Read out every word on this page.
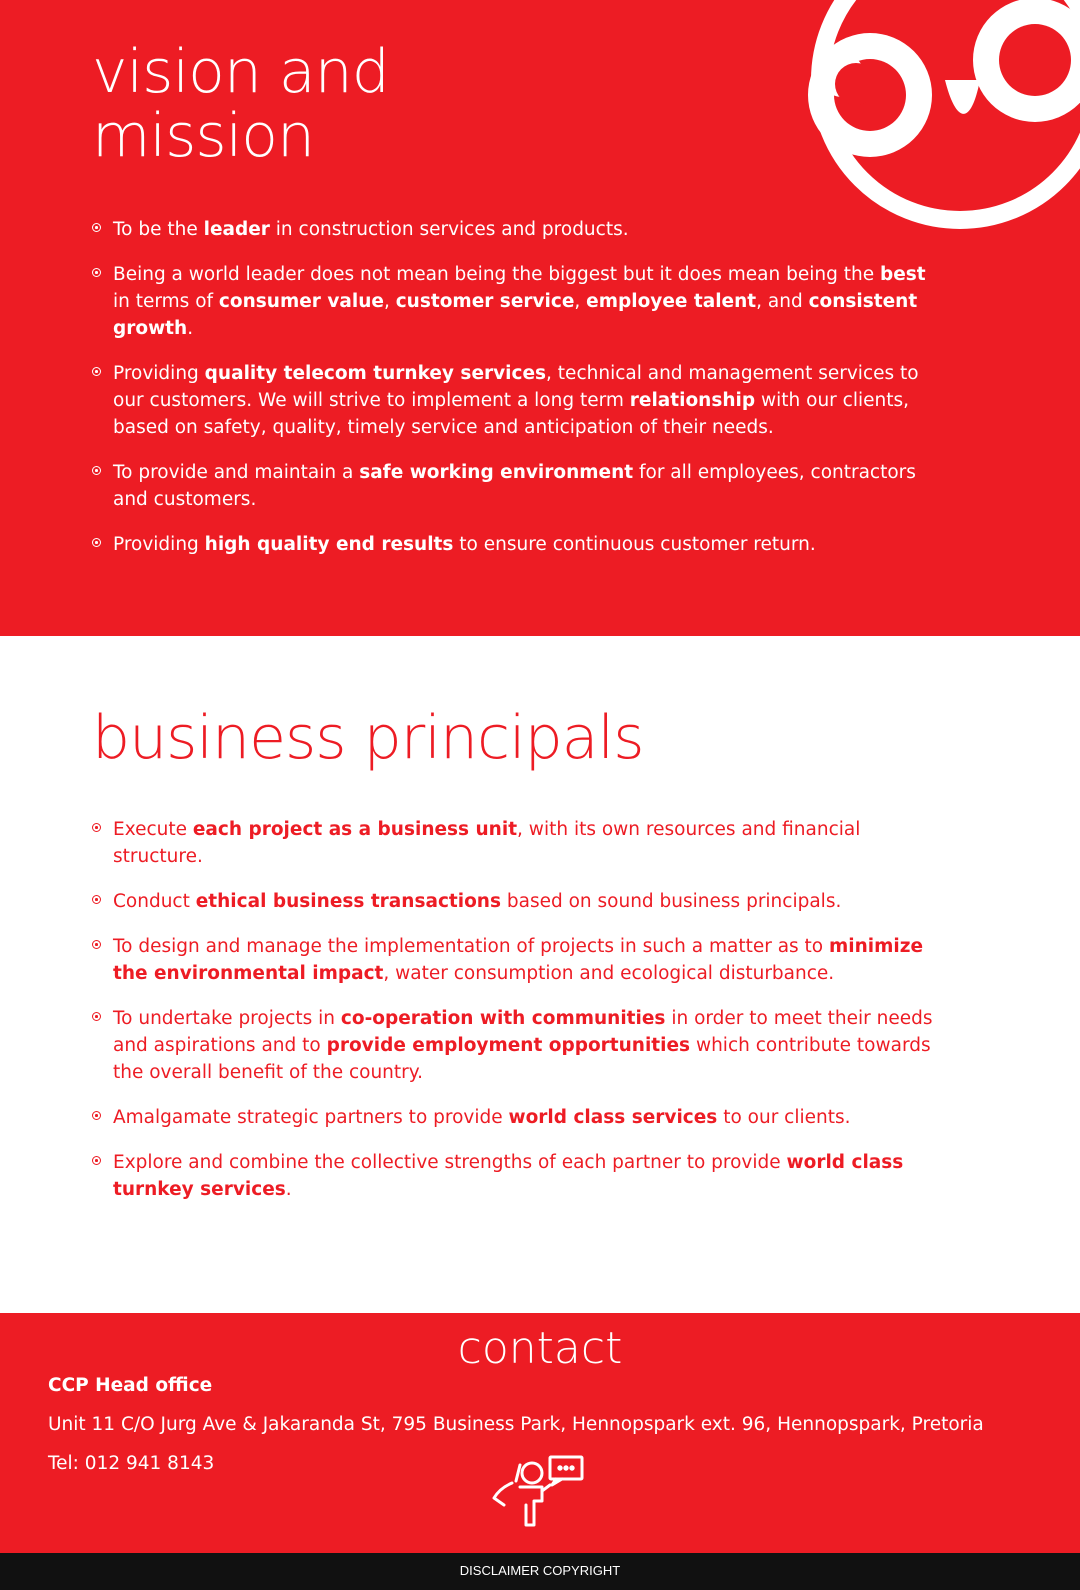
vision and
mission
To be the leader in construction services and products.
Being a world leader does not mean being the biggest but it does mean being the best in terms of consumer value, customer service, employee talent, and consistent growth.
Providing quality telecom turnkey services, technical and management services to our customers. We will strive to implement a long term relationship with our clients, based on safety, quality, timely service and anticipation of their needs.
To provide and maintain a safe working environment for all employees, contractors and customers.
Providing high quality end results to ensure continuous customer return.
business principals
Execute each project as a business unit, with its own resources and financial structure.
Conduct ethical business transactions based on sound business principals.
To design and manage the implementation of projects in such a matter as to minimize the environmental impact, water consumption and ecological disturbance.
To undertake projects in co-operation with communities in order to meet their needs and aspirations and to provide employment opportunities which contribute towards the overall benefit of the country.
Amalgamate strategic partners to provide world class services to our clients.
Explore and combine the collective strengths of each partner to provide world class turnkey services.
contact
CCP Head office
Unit 11 C/O Jurg Ave & Jakaranda St, 795 Business Park, Hennopspark ext. 96, Hennopspark, Pretoria
Tel: 012 941 8143
DISCLAIMER COPYRIGHT
